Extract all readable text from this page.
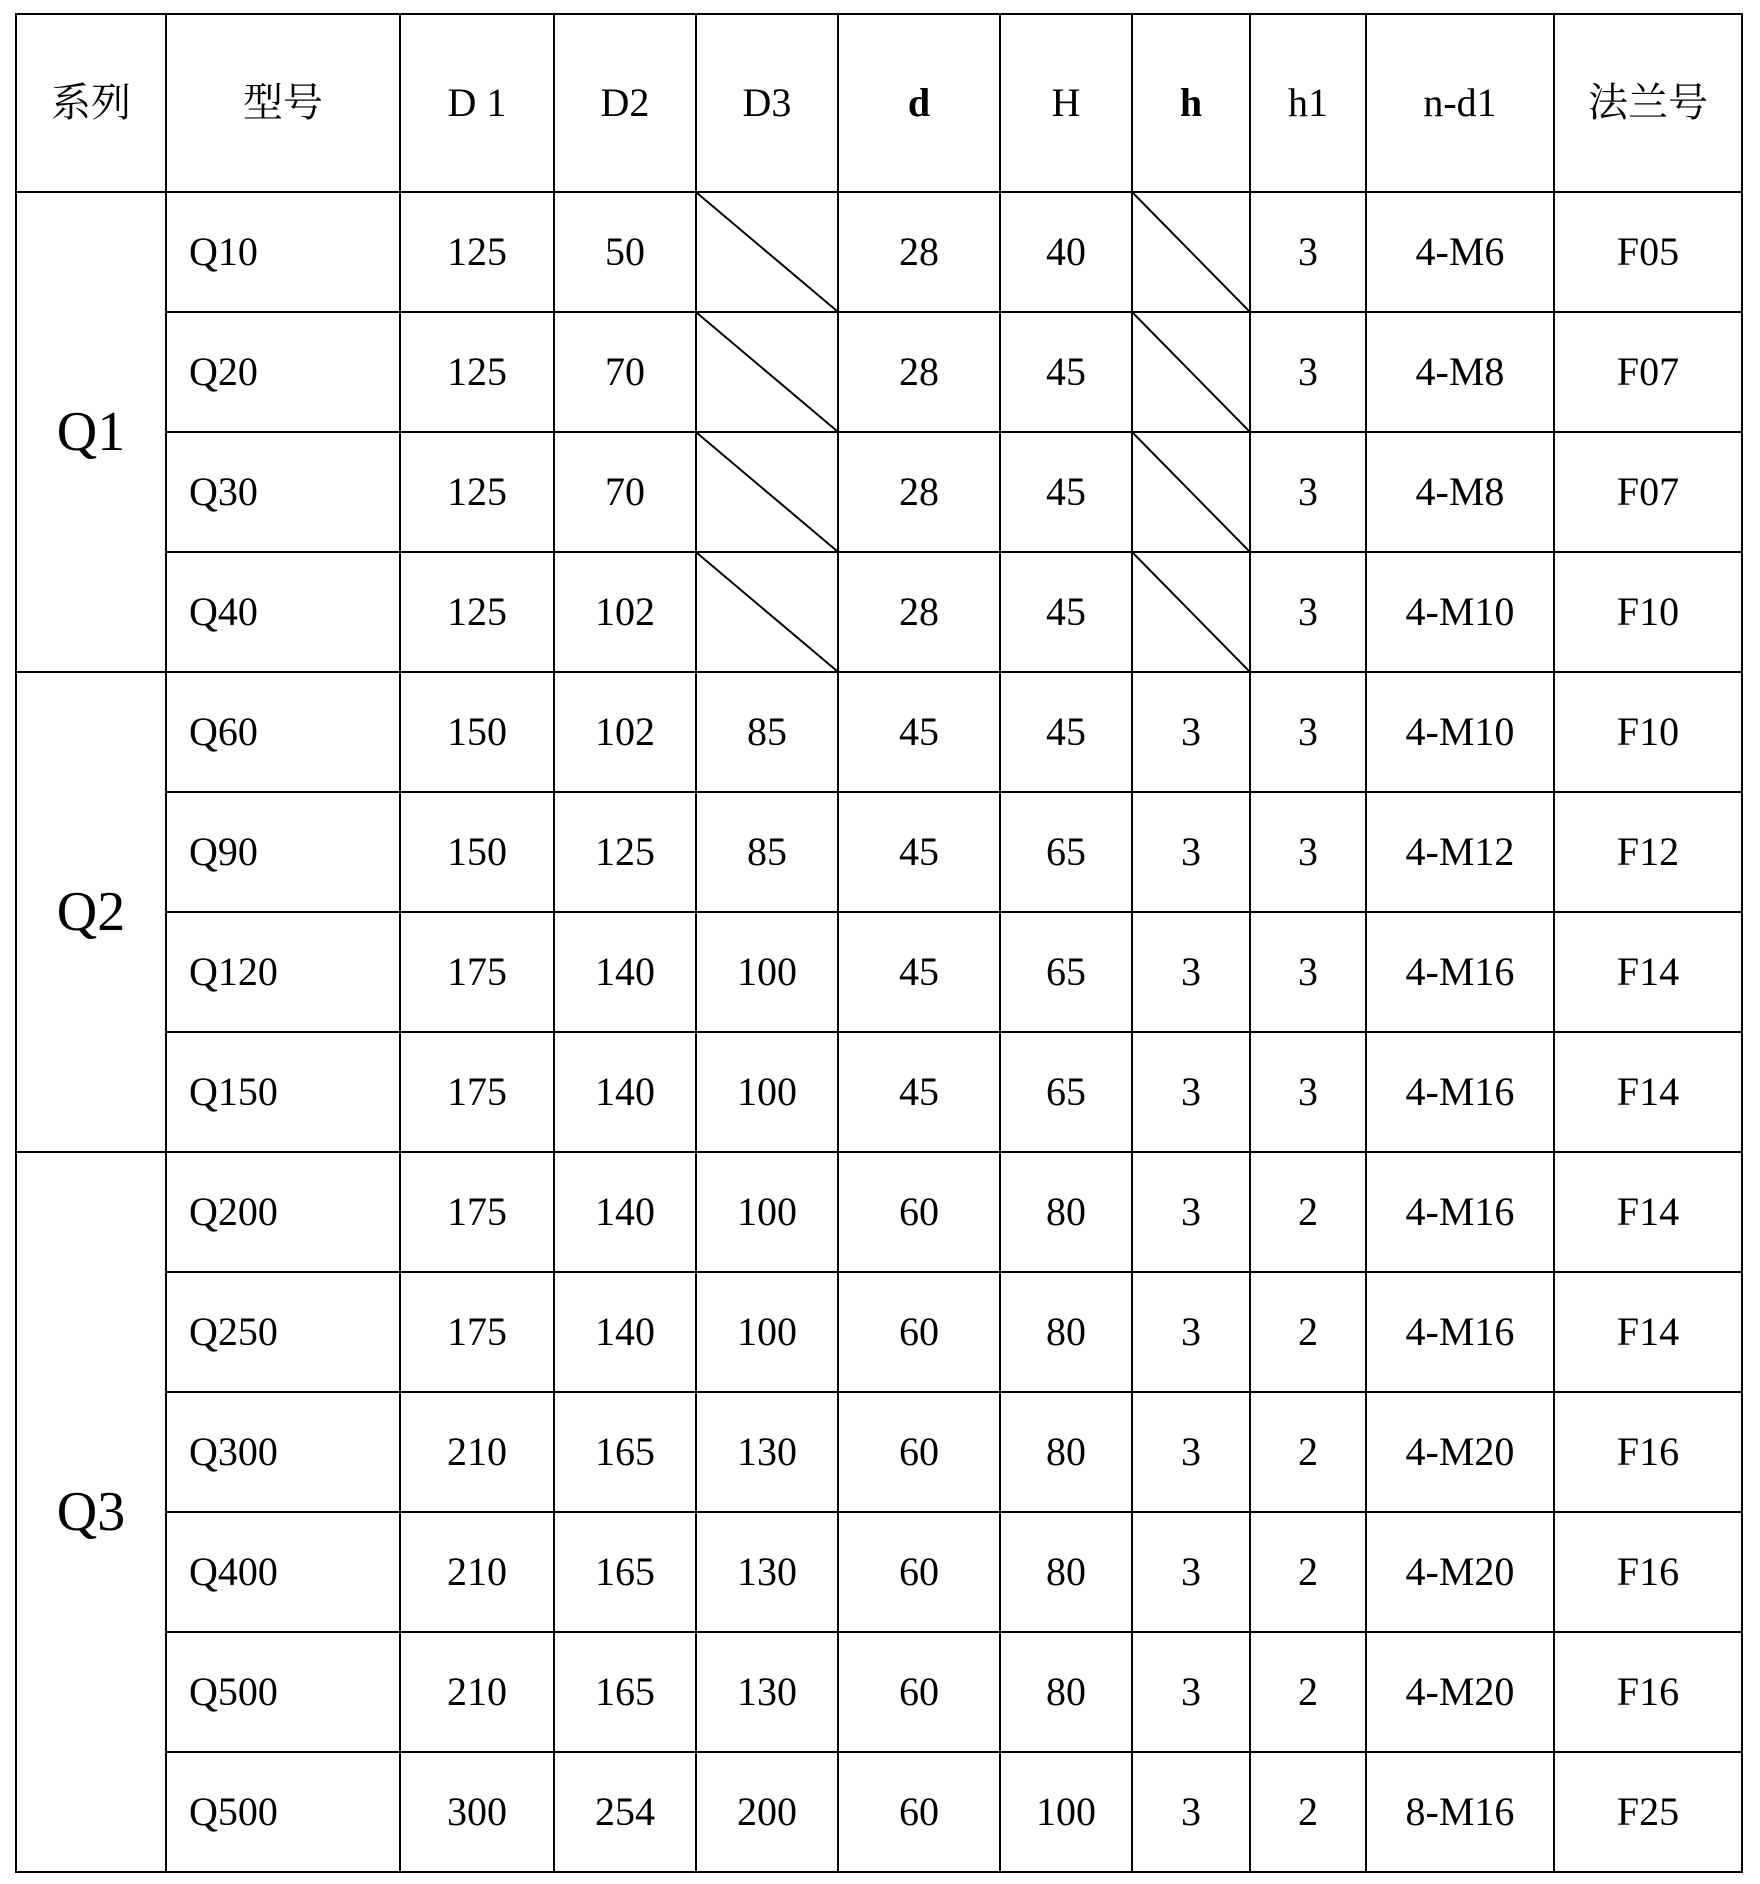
系列	型号	D 1	D2	D3	d	H	h	h1	n-d1	法兰号
Q1	Q10	125	50		28	40		3	4-M6	F05
	Q20	125	70		28	45		3	4-M8	F07
	Q30	125	70		28	45		3	4-M8	F07
	Q40	125	102		28	45		3	4-M10	F10
Q2	Q60	150	102	85	45	45	3	3	4-M10	F10
	Q90	150	125	85	45	65	3	3	4-M12	F12
	Q120	175	140	100	45	65	3	3	4-M16	F14
	Q150	175	140	100	45	65	3	3	4-M16	F14
Q3	Q200	175	140	100	60	80	3	2	4-M16	F14
	Q250	175	140	100	60	80	3	2	4-M16	F14
	Q300	210	165	130	60	80	3	2	4-M20	F16
	Q400	210	165	130	60	80	3	2	4-M20	F16
	Q500	210	165	130	60	80	3	2	4-M20	F16
	Q500	300	254	200	60	100	3	2	8-M16	F25
